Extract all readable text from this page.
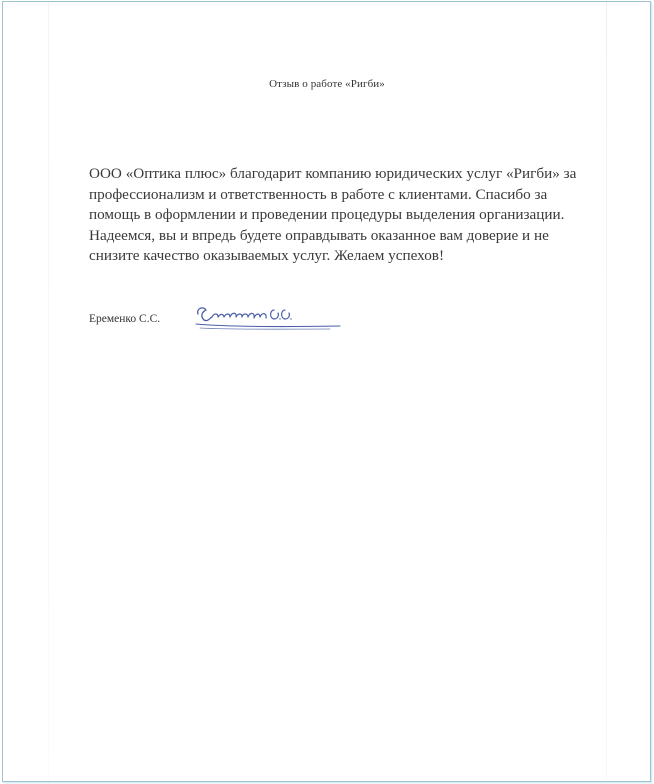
Отзыв о работе «Ригби»
ООО «Оптика плюс» благодарит компанию юридических услуг «Ригби» за
профессионализм и ответственность в работе с клиентами. Спасибо за
помощь в оформлении и проведении процедуры выделения организации.
Надеемся, вы и впредь будете оправдывать оказанное вам доверие и не
снизите качество оказываемых услуг. Желаем успехов!
Еременко С.С.
